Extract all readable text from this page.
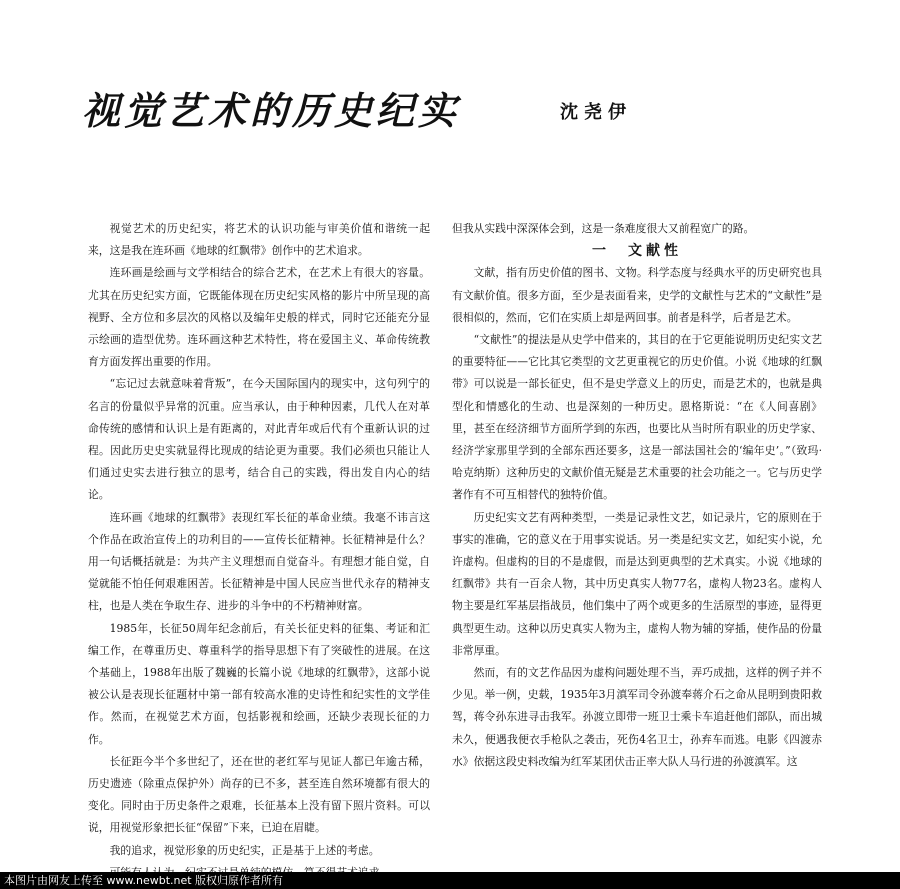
视觉艺术的历史纪实	沈尧伊

视觉艺术的历史纪实，将艺术的认识功能与审美价值和谐统一起来，这是我在连环画《地球的红飘带》创作中的艺术追求。

连环画是绘画与文学相结合的综合艺术，在艺术上有很大的容量。尤其在历史纪实方面，它既能体现在历史纪实风格的影片中所呈现的高视野、全方位和多层次的风格以及编年史般的样式，同时它还能充分显示绘画的造型优势。连环画这种艺术特性，将在爱国主义、革命传统教育方面发挥出重要的作用。

“忘记过去就意味着背叛”，在今天国际国内的现实中，这句列宁的名言的份量似乎异常的沉重。应当承认，由于种种因素，几代人在对革命传统的感情和认识上是有距离的，对此青年或后代有个重新认识的过程。因此历史史实就显得比现成的结论更为重要。我们必须也只能让人们通过史实去进行独立的思考，结合自己的实践，得出发自内心的结论。

连环画《地球的红飘带》表现红军长征的革命业绩。我毫不讳言这个作品在政治宣传上的功利目的——宣传长征精神。长征精神是什么？用一句话概括就是：为共产主义理想而自觉奋斗。有理想才能自觉，自觉就能不怕任何艰难困苦。长征精神是中国人民应当世代永存的精神支柱，也是人类在争取生存、进步的斗争中的不朽精神财富。

1985年，长征50周年纪念前后，有关长征史料的征集、考证和汇编工作，在尊重历史、尊重科学的指导思想下有了突破性的进展。在这个基础上，1988年出版了魏巍的长篇小说《地球的红飘带》，这部小说被公认是表现长征题材中第一部有较高水准的史诗性和纪实性的文学佳作。然而，在视觉艺术方面，包括影视和绘画，还缺少表现长征的力作。

长征距今半个多世纪了，还在世的老红军与见证人都已年逾古稀，历史遗迹（除重点保护外）尚存的已不多，甚至连自然环境都有很大的变化。同时由于历史条件之艰难，长征基本上没有留下照片资料。可以说，用视觉形象把长征“保留”下来，已迫在眉睫。

我的追求，视觉形象的历史纪实，正是基于上述的考虑。

但我从实践中深深体会到，这是一条难度很大又前程宽广的路。

一　文献性

文献，指有历史价值的图书、文物。科学态度与经典水平的历史研究也具有文献价值。很多方面，至少是表面看来，史学的文献性与艺术的“文献性”是很相似的，然而，它们在实质上却是两回事。前者是科学，后者是艺术。

“文献性”的提法是从史学中借来的，其目的在于它更能说明历史纪实文艺的重要特征——它比其它类型的文艺更重视它的历史价值。小说《地球的红飘带》可以说是一部长征史，但不是史学意义上的历史，而是艺术的，也就是典型化和情感化的生动、也是深刻的一种历史。恩格斯说：“在《人间喜剧》里，甚至在经济细节方面所学到的东西，也要比从当时所有职业的历史学家、经济学家那里学到的全部东西还要多，这是一部法国社会的‘编年史’。”（致玛·哈克纳斯）这种历史的文献价值无疑是艺术重要的社会功能之一。它与历史学著作有不可互相替代的独特价值。

历史纪实文艺有两种类型，一类是记录性文艺，如记录片，它的原则在于事实的准确，它的意义在于用事实说话。另一类是纪实文艺，如纪实小说，允许虚构。但虚构的目的不是虚假，而是达到更典型的艺术真实。小说《地球的红飘带》共有一百余人物，其中历史真实人物77名，虚构人物23名。虚构人物主要是红军基层指战员，他们集中了两个或更多的生活原型的事迹，显得更典型更生动。这种以历史真实人物为主，虚构人物为辅的穿插，使作品的份量非常厚重。

然而，有的文艺作品因为虚构问题处理不当，弄巧成拙，这样的例子并不少见。举一例，史载，1935年3月滇军司令孙渡奉蒋介石之命从昆明到贵阳救驾，蒋令孙东进寻击我军。孙渡立即带一班卫士乘卡车追赶他们部队，而出城未久，便遇我便衣手枪队之袭击，死伤4名卫士，孙弃车而逃。电影《四渡赤水》依据这段史料改编为红军某团伏击正率大队人马行进的孙渡滇军。这

本图片由网友上传至 www.newbt.net 版权归原作者所有
